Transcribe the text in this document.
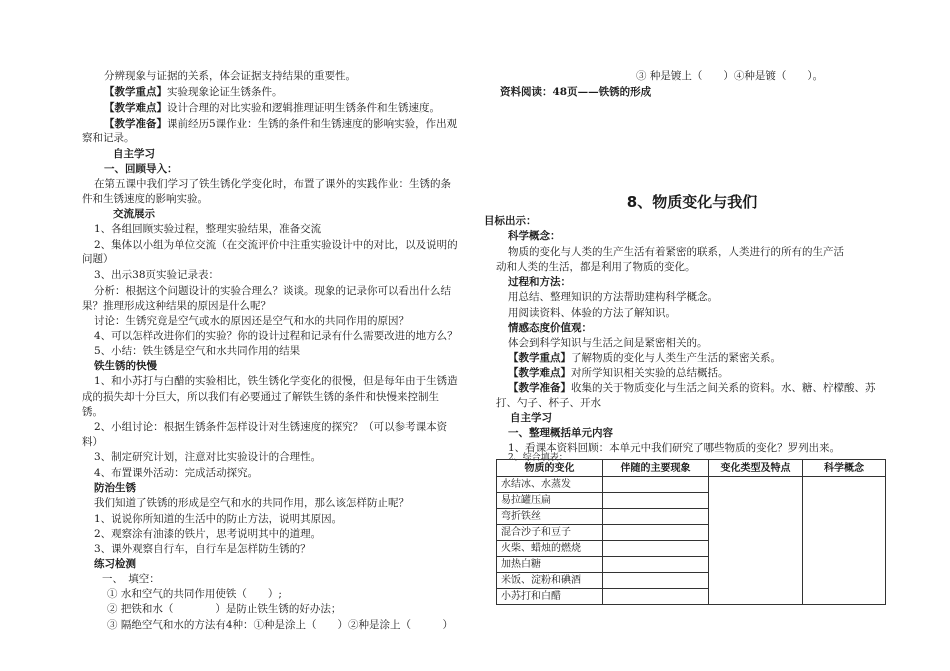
分辨现象与证据的关系，体会证据支持结果的重要性。
【教学重点】实验现象论证生锈条件。
【教学难点】设计合理的对比实验和逻辑推理证明生锈条件和生锈速度。
【教学准备】课前经历5课作业：生锈的条件和生锈速度的影响实验，作出观
察和记录。
自主学习
一、回顾导入：
在第五课中我们学习了铁生锈化学变化时，布置了课外的实践作业：生锈的条
件和生锈速度的影响实验。
交流展示
1、各组回顾实验过程，整理实验结果，准备交流
2、集体以小组为单位交流（在交流评价中注重实验设计中的对比，以及说明的
问题）
3、出示38页实验记录表：
分析：根据这个问题设计的实验合理么？谈谈。现象的记录你可以看出什么结
果？推理形成这种结果的原因是什么呢？
讨论：生锈究竟是空气或水的原因还是空气和水的共同作用的原因？
4、可以怎样改进你们的实验？你的设计过程和记录有什么需要改进的地方么？
5、小结：铁生锈是空气和水共同作用的结果
铁生锈的快慢
1、和小苏打与白醋的实验相比，铁生锈化学变化的很慢，但是每年由于生锈造
成的损失却十分巨大，所以我们有必要通过了解铁生锈的条件和快慢来控制生
锈。
2、小组讨论：根据生锈条件怎样设计对生锈速度的探究？（可以参考课本资
料）
3、制定研究计划，注意对比实验设计的合理性。
4、布置课外活动：完成活动探究。
防治生锈
我们知道了铁锈的形成是空气和水的共同作用，那么该怎样防止呢？
1、说说你所知道的生活中的防止方法，说明其原因。
2、观察涂有油漆的铁片，思考说明其中的道理。
3、课外观察自行车，自行车是怎样防生锈的？
练习检测
一、　填空：
① 水和空气的共同作用使铁（　　）;
② 把铁和水（　　　　）是防止铁生锈的好办法；
③ 隔绝空气和水的方法有4种：①种是涂上（　　）②种是涂上（　　　）
③ 种是镀上（　　）④种是镀（　　）。
资料阅读：48页——铁锈的形成
8、物质变化与我们
目标出示：
科学概念：
物质的变化与人类的生产生活有着紧密的联系，人类进行的所有的生产活
动和人类的生活，都是利用了物质的变化。
过程和方法：
用总结、整理知识的方法帮助建构科学概念。
用阅读资料、体验的方法了解知识。
情感态度价值观：
体会到科学知识与生活之间是紧密相关的。
【教学重点】了解物质的变化与人类生产生活的紧密关系。
【教学难点】对所学知识相关实验的总结概括。
【教学准备】收集的关于物质变化与生活之间关系的资料。水、糖、柠檬酸、苏
打、勺子、杯子、开水
自主学习
一、整理概括单元内容
1、看课本资料回顾：本单元中我们研究了哪些物质的变化？罗列出来。
2、综合填表：
物质的变化	伴随的主要现象	变化类型及特点	科学概念
水结冰、水蒸发			
易拉罐压扁			
弯折铁丝			
混合沙子和豆子			
火柴、蜡烛的燃烧			
加热白糖			
米饭、淀粉和碘酒			
小苏打和白醋			
